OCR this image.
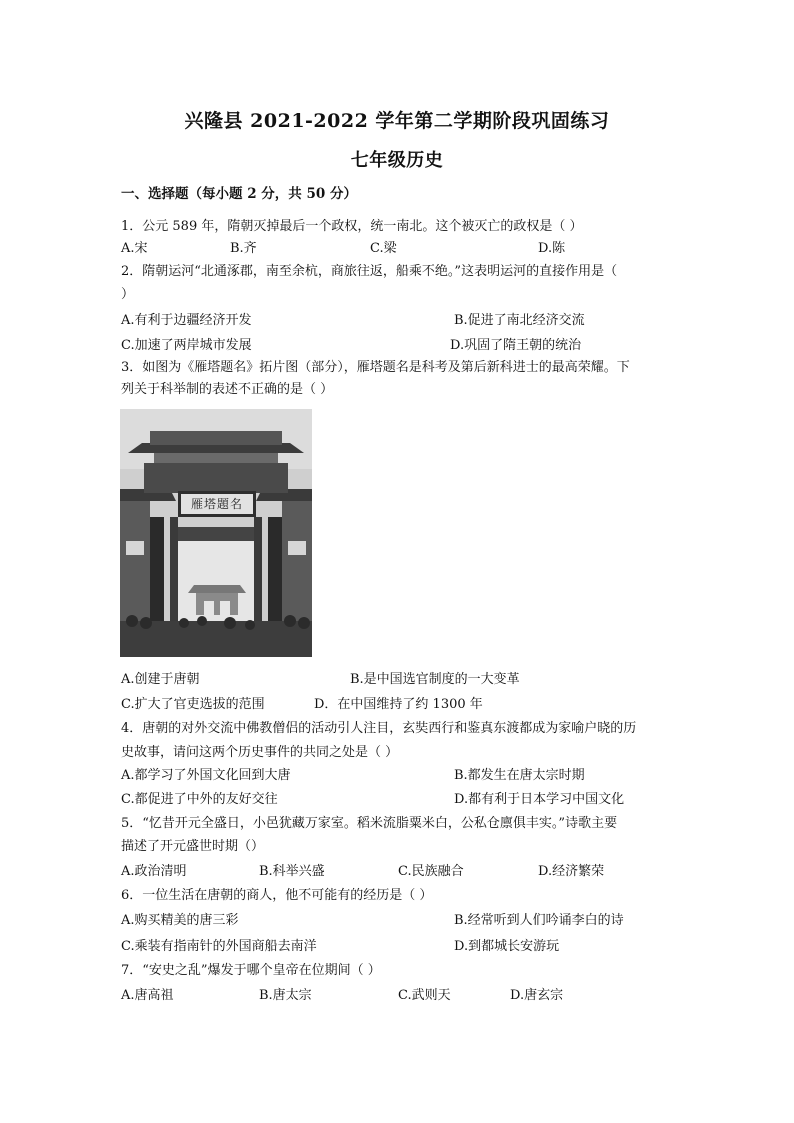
兴隆县 2021-2022 学年第二学期阶段巩固练习
七年级历史
一、选择题（每小题 2 分，共 50 分）
1．公元 589 年，隋朝灭掉最后一个政权，统一南北。这个被灭亡的政权是（ ）
A.宋	B.齐	C.梁	D.陈
2．隋朝运河“北通涿郡，南至余杭，商旅往返，船乘不绝。”这表明运河的直接作用是（
）
A.有利于边疆经济开发	B.促进了南北经济交流
C.加速了两岸城市发展	D.巩固了隋王朝的统治
3．如图为《雁塔题名》拓片图（部分），雁塔题名是科考及第后新科进士的最高荣耀。下
列关于科举制的表述不正确的是（ ）
雁塔題名
A.创建于唐朝	B.是中国选官制度的一大变革
C.扩大了官吏选拔的范围	D．在中国维持了约 1300 年
4．唐朝的对外交流中佛教僧侣的活动引人注目，玄奘西行和鉴真东渡都成为家喻户晓的历
史故事，请问这两个历史事件的共同之处是（ ）
A.都学习了外国文化回到大唐	B.都发生在唐太宗时期
C.都促进了中外的友好交往	D.都有利于日本学习中国文化
5．“忆昔开元全盛日，小邑犹藏万家室。稻米流脂粟米白，公私仓廪俱丰实。”诗歌主要
描述了开元盛世时期（）
A.政治清明	B.科举兴盛	C.民族融合	D.经济繁荣
6．一位生活在唐朝的商人，他不可能有的经历是（ ）
A.购买精美的唐三彩	B.经常听到人们吟诵李白的诗
C.乘装有指南针的外国商船去南洋	D.到都城长安游玩
7．“安史之乱”爆发于哪个皇帝在位期间（ ）
A.唐高祖	B.唐太宗	C.武则天	D.唐玄宗
